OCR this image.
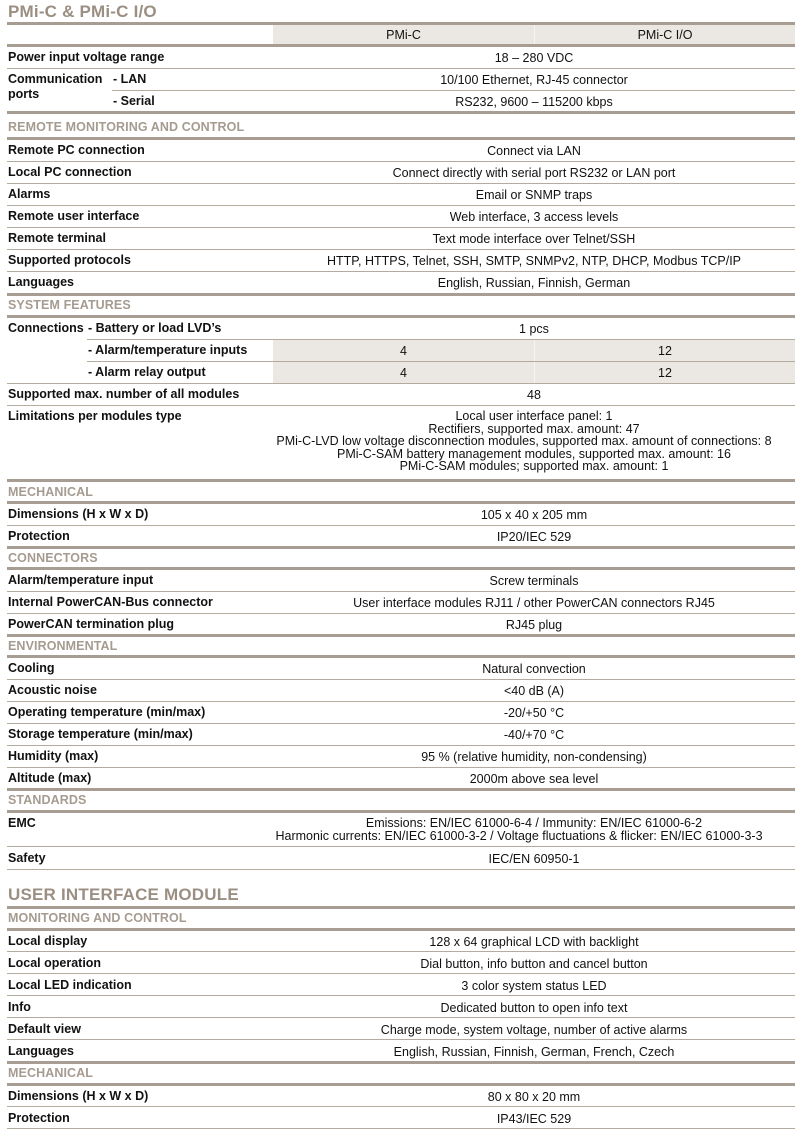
PMi-C & PMi-C I/O
PMi-C	PMi-C I/O
Power input voltage range	18 – 280 VDC
Communication ports
- LAN	10/100 Ethernet, RJ-45 connector
- Serial	RS232, 9600 – 115200 kbps
REMOTE MONITORING AND CONTROL
Remote PC connection	Connect via LAN
Local PC connection	Connect directly with serial port RS232 or LAN port
Alarms	Email or SNMP traps
Remote user interface	Web interface, 3 access levels
Remote terminal	Text mode interface over Telnet/SSH
Supported protocols	HTTP, HTTPS, Telnet, SSH, SMTP, SNMPv2, NTP, DHCP, Modbus TCP/IP
Languages	English, Russian, Finnish, German
SYSTEM FEATURES
Connections - Battery or load LVD’s	1 pcs
- Alarm/temperature inputs	4	12
- Alarm relay output	4	12
Supported max. number of all modules	48
Limitations per modules type	Local user interface panel: 1
Rectifiers, supported max. amount: 47
PMi-C-LVD low voltage disconnection modules, supported max. amount of connections: 8
PMi-C-SAM battery management modules, supported max. amount: 16
PMi-C-SAM modules; supported max. amount: 1
MECHANICAL
Dimensions (H x W x D)	105 x 40 x 205 mm
Protection	IP20/IEC 529
CONNECTORS
Alarm/temperature input	Screw terminals
Internal PowerCAN-Bus connector	User interface modules RJ11 / other PowerCAN connectors RJ45
PowerCAN termination plug	RJ45 plug
ENVIRONMENTAL
Cooling	Natural convection
Acoustic noise	<40 dB (A)
Operating temperature (min/max)	-20/+50 °C
Storage temperature (min/max)	-40/+70 °C
Humidity (max)	95 % (relative humidity, non-condensing)
Altitude (max)	2000m above sea level
STANDARDS
EMC	Emissions: EN/IEC 61000-6-4 / Immunity: EN/IEC 61000-6-2
Harmonic currents: EN/IEC 61000-3-2 / Voltage fluctuations & flicker: EN/IEC 61000-3-3
Safety	IEC/EN 60950-1
USER INTERFACE MODULE
MONITORING AND CONTROL
Local display	128 x 64 graphical LCD with backlight
Local operation	Dial button, info button and cancel button
Local LED indication	3 color system status LED
Info	Dedicated button to open info text
Default view	Charge mode, system voltage, number of active alarms
Languages	English, Russian, Finnish, German, French, Czech
MECHANICAL
Dimensions (H x W x D)	80 x 80 x 20 mm
Protection	IP43/IEC 529
